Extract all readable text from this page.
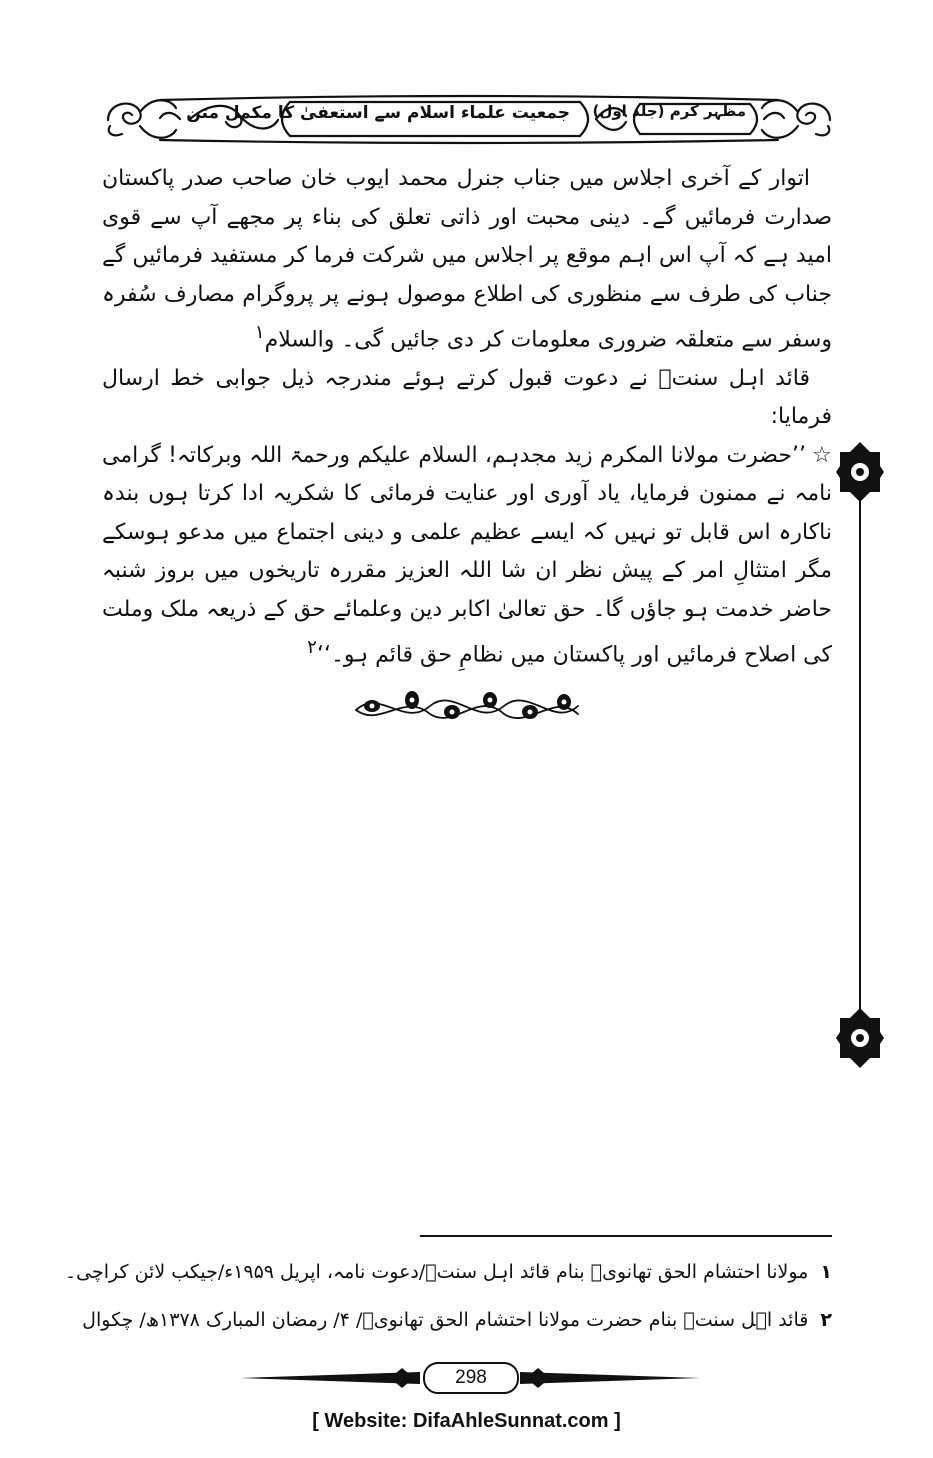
مظہر کرم (جلد اول)
جمعیت علماء اسلام سے استعفیٰ کا مکمل متن

اتوار کے آخری اجلاس میں جناب جنرل محمد ایوب خان صاحب صدر پاکستان صدارت فرمائیں گے۔ دینی محبت اور ذاتی تعلق کی بناء پر مجھے آپ سے قوی امید ہے کہ آپ اس اہم موقع پر اجلاس میں شرکت فرما کر مستفید فرمائیں گے جناب کی طرف سے منظوری کی اطلاع موصول ہونے پر پروگرام مصارف سُفرہ وسفر سے متعلقہ ضروری معلومات کر دی جائیں گی۔ والسلام$^۱$

قائد اہل سنتؒ نے دعوت قبول کرتے ہوئے مندرجہ ذیل جوابی خط ارسال فرمایا:

☆’’حضرت مولانا المکرم زید مجدہم، السلام علیکم ورحمۃ اللہ وبرکاتہ! گرامی نامہ نے ممنون فرمایا، یاد آوری اور عنایت فرمائی کا شکریہ ادا کرتا ہوں بندہ ناکارہ اس قابل تو نہیں کہ ایسے عظیم علمی و دینی اجتماع میں مدعو ہوسکے مگر امتثالِ امر کے پیش نظر ان شا اللہ العزیز مقررہ تاریخوں میں بروز شنبہ حاضر خدمت ہو جاؤں گا۔ حق تعالیٰ اکابر دین وعلمائے حق کے ذریعہ ملک وملت کی اصلاح فرمائیں اور پاکستان میں نظامِ حق قائم ہو۔‘‘$^۲$

۱ مولانا احتشام الحق تھانویؒ بنام قائد اہل سنتؒ/دعوت نامہ، اپریل ۱۹۵۹ء/جیکب لائن کراچی۔
۲ قائد اہل سنتؒ بنام حضرت مولانا احتشام الحق تھانویؒ/ ۴/ رمضان المبارک ۱۳۷۸ھ/ چکوال
298
[ Website: DifaAhleSunnat.com ]
